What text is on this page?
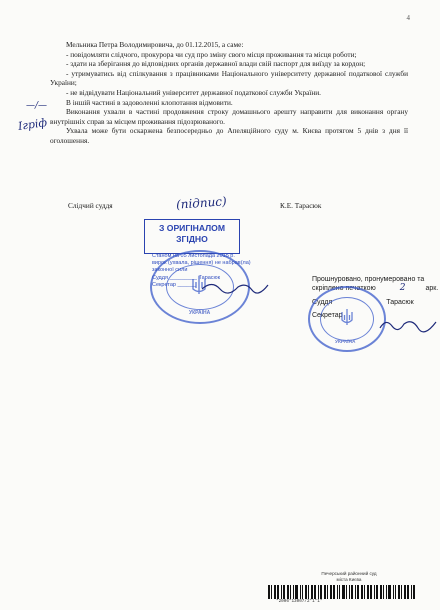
4

Мельника Петра Володимировича, до 01.12.2015, а саме:

- повідомляти слідчого, прокурора чи суд про зміну свого місця проживання та місця роботи;

- здати на зберігання до відповідних органів державної влади свій паспорт для виїзду за кордон;

- утримуватись від спілкування з працівниками Національного університету державної податкової служби України;

- не відвідувати Національний університет державної податкової служби України.

В іншій частині в задоволенні клопотання відмовити.

Виконання ухвали в частині продовження строку домашнього арешту направити для виконання органу внутрішніх справ за місцем проживання підозрюваного.

Ухвала може бути оскаржена безпосередньо до Апеляційного суду м. Києва протягом 5 днів з дня її оголошення.

—/—
Ігріф
Слідчий суддя	К.Е. Тарасюк
(підпис)
З ОРИГІНАЛОМ
ЗГІДНО
УКРАЇНА
Станом на 05 листопада 2015 р.
вирок (ухвала, рішення) не набрав(ла)
законної сили
Суддя _________ Тарасюк
Секретар ______
Прошнуровано, пронумеровано та
скріплено печаткою	2	арк.
Суддя	Тарасюк
Секретар
УКРАЇНА
Печерський районний суд
міста Києва
*2006*13007/2*1*1*
